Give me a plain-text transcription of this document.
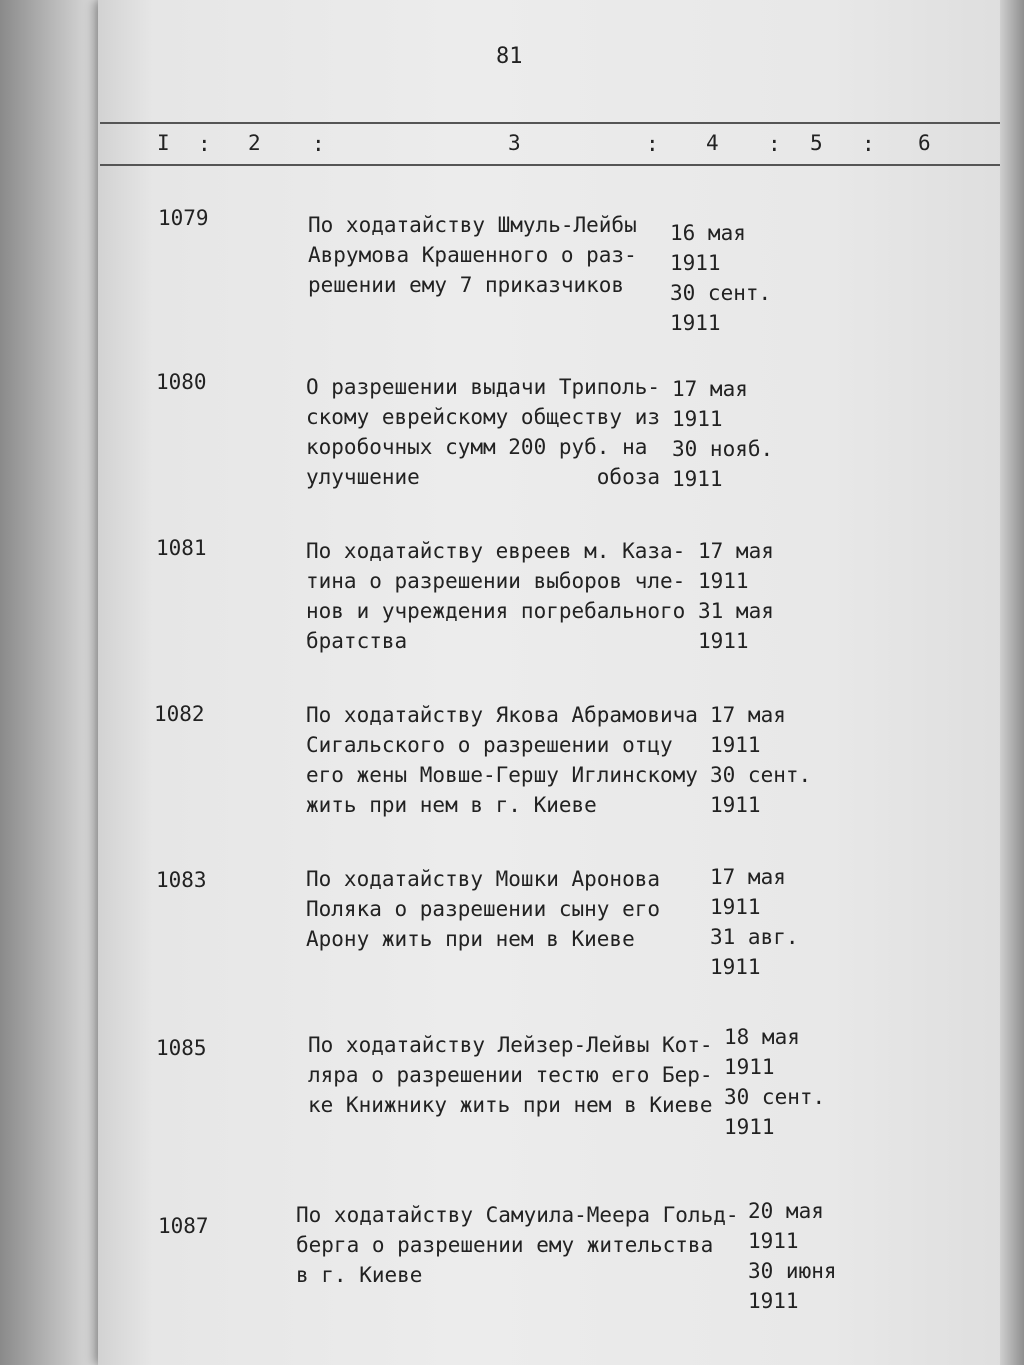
81
I : 2 :	3	: 4 : 5 : 6
1079	По ходатайству Шмуль-Лейбы
Аврумова Крашенного о раз-
решении ему 7 приказчиков
16 мая
1911
30 сент.
1911
1080	О разрешении выдачи Триполь-
скому еврейскому обществу из
коробочных сумм 200 руб. на
улучшение              обоза
17 мая
1911
30 нояб.
1911
1081	По ходатайству евреев м. Каза-
тина о разрешении выборов чле-
нов и учреждения погребального
братства
17 мая
1911
31 мая
1911
1082	По ходатайству Якова Абрамовича
Сигальского о разрешении отцу
его жены Мовше-Гершу Иглинскому
жить при нем в г. Киеве
17 мая
1911
30 сент.
1911
1083	По ходатайству Мошки Аронова
Поляка о разрешении сыну его
Арону жить при нем в Киеве
17 мая
1911
31 авг.
1911
1085	По ходатайству Лейзер-Лейвы Кот-
ляра о разрешении тестю его Бер-
ке Книжнику жить при нем в Киеве
18 мая
1911
30 сент.
1911
1087	По ходатайству Самуила-Меера Гольд-
берга о разрешении ему жительства
в г. Киеве
20 мая
1911
30 июня
1911
